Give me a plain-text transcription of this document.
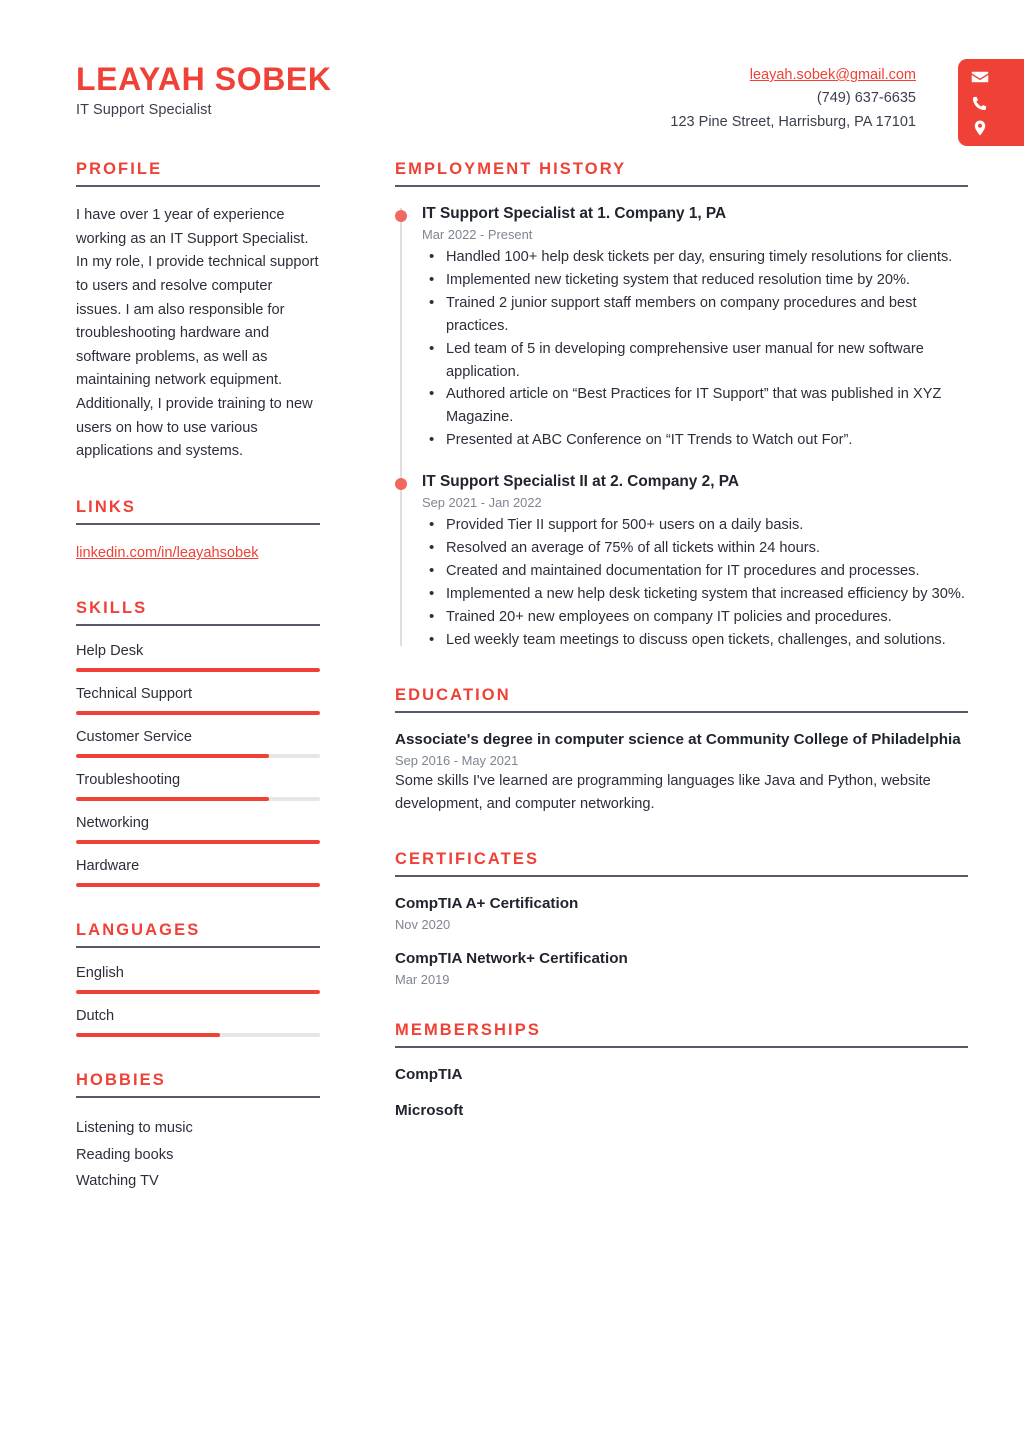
LEAYAH SOBEK
IT Support Specialist
leayah.sobek@gmail.com
(749) 637-6635
123 Pine Street, Harrisburg, PA 17101
PROFILE
I have over 1 year of experience working as an IT Support Specialist. In my role, I provide technical support to users and resolve computer issues. I am also responsible for troubleshooting hardware and software problems, as well as maintaining network equipment. Additionally, I provide training to new users on how to use various applications and systems.
LINKS
linkedin.com/in/leayahsobek
SKILLS
Help Desk
Technical Support
Customer Service
Troubleshooting
Networking
Hardware
LANGUAGES
English
Dutch
HOBBIES
Listening to music
Reading books
Watching TV
EMPLOYMENT HISTORY
IT Support Specialist at 1. Company 1, PA
Mar 2022 - Present
• Handled 100+ help desk tickets per day, ensuring timely resolutions for clients.
• Implemented new ticketing system that reduced resolution time by 20%.
• Trained 2 junior support staff members on company procedures and best practices.
• Led team of 5 in developing comprehensive user manual for new software application.
• Authored article on “Best Practices for IT Support” that was published in XYZ Magazine.
• Presented at ABC Conference on “IT Trends to Watch out For”.
IT Support Specialist II at 2. Company 2, PA
Sep 2021 - Jan 2022
• Provided Tier II support for 500+ users on a daily basis.
• Resolved an average of 75% of all tickets within 24 hours.
• Created and maintained documentation for IT procedures and processes.
• Implemented a new help desk ticketing system that increased efficiency by 30%.
• Trained 20+ new employees on company IT policies and procedures.
• Led weekly team meetings to discuss open tickets, challenges, and solutions.
EDUCATION
Associate's degree in computer science at Community College of Philadelphia
Sep 2016 - May 2021
Some skills I've learned are programming languages like Java and Python, website development, and computer networking.
CERTIFICATES
CompTIA A+ Certification
Nov 2020
CompTIA Network+ Certification
Mar 2019
MEMBERSHIPS
CompTIA
Microsoft
